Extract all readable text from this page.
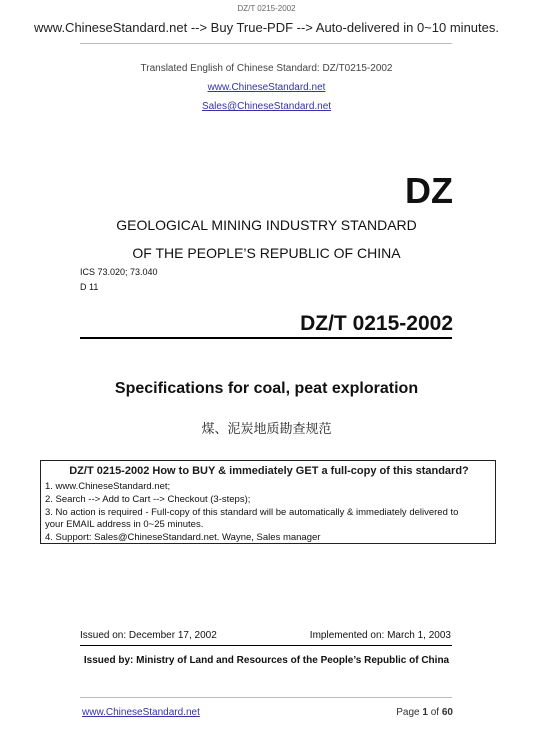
DZ/T 0215-2002
www.ChineseStandard.net --> Buy True-PDF --> Auto-delivered in 0~10 minutes.
Translated English of Chinese Standard: DZ/T0215-2002
www.ChineseStandard.net
Sales@ChineseStandard.net
DZ
GEOLOGICAL MINING INDUSTRY STANDARD
OF THE PEOPLE’S REPUBLIC OF CHINA
ICS 73.020; 73.040
D 11
DZ/T 0215-2002
Specifications for coal, peat exploration
煤、泥炭地质勘查规范
DZ/T 0215-2002 How to BUY & immediately GET a full-copy of this standard?
1. www.ChineseStandard.net;
2. Search --> Add to Cart --> Checkout (3-steps);
3. No action is required - Full-copy of this standard will be automatically & immediately delivered to
your EMAIL address in 0~25 minutes.
4. Support: Sales@ChineseStandard.net. Wayne, Sales manager
Issued on: December 17, 2002	Implemented on: March 1, 2003
Issued by: Ministry of Land and Resources of the People’s Republic of China
www.ChineseStandard.net	Page 1 of 60
